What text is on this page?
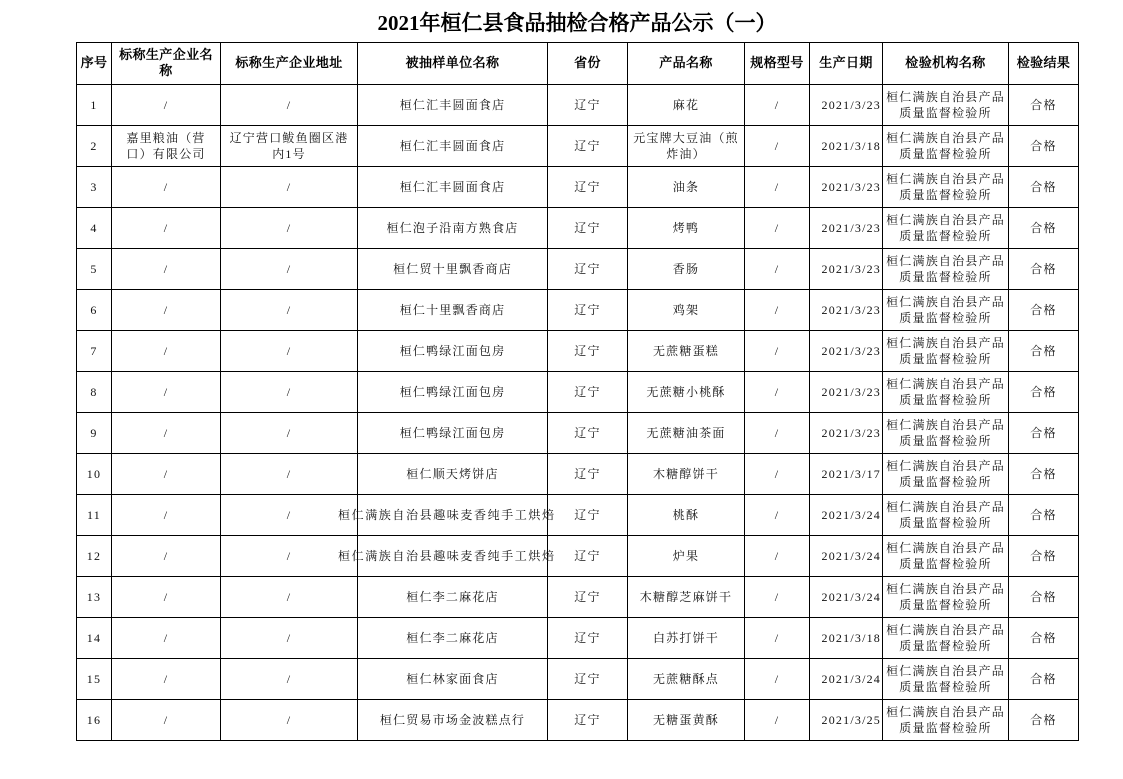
2021年桓仁县食品抽检合格产品公示（一）
序号	标称生产企业名称	标称生产企业地址	被抽样单位名称	省份	产品名称	规格型号	生产日期	检验机构名称	检验结果
1	/	/	桓仁汇丰圆面食店	辽宁	麻花	/	2021/3/23	桓仁满族自治县产品质量监督检验所	合格
2	嘉里粮油（营口）有限公司	辽宁营口鲅鱼圈区港内1号	桓仁汇丰圆面食店	辽宁	元宝牌大豆油（煎炸油）	/	2021/3/18	桓仁满族自治县产品质量监督检验所	合格
3	/	/	桓仁汇丰圆面食店	辽宁	油条	/	2021/3/23	桓仁满族自治县产品质量监督检验所	合格
4	/	/	桓仁泡子沿南方熟食店	辽宁	烤鸭	/	2021/3/23	桓仁满族自治县产品质量监督检验所	合格
5	/	/	桓仁贸十里飘香商店	辽宁	香肠	/	2021/3/23	桓仁满族自治县产品质量监督检验所	合格
6	/	/	桓仁十里飘香商店	辽宁	鸡架	/	2021/3/23	桓仁满族自治县产品质量监督检验所	合格
7	/	/	桓仁鸭绿江面包房	辽宁	无蔗糖蛋糕	/	2021/3/23	桓仁满族自治县产品质量监督检验所	合格
8	/	/	桓仁鸭绿江面包房	辽宁	无蔗糖小桃酥	/	2021/3/23	桓仁满族自治县产品质量监督检验所	合格
9	/	/	桓仁鸭绿江面包房	辽宁	无蔗糖油茶面	/	2021/3/23	桓仁满族自治县产品质量监督检验所	合格
10	/	/	桓仁顺天烤饼店	辽宁	木糖醇饼干	/	2021/3/17	桓仁满族自治县产品质量监督检验所	合格
11	/	/	桓仁满族自治县趣味麦香纯手工烘焙	辽宁	桃酥	/	2021/3/24	桓仁满族自治县产品质量监督检验所	合格
12	/	/	桓仁满族自治县趣味麦香纯手工烘焙	辽宁	炉果	/	2021/3/24	桓仁满族自治县产品质量监督检验所	合格
13	/	/	桓仁李二麻花店	辽宁	木糖醇芝麻饼干	/	2021/3/24	桓仁满族自治县产品质量监督检验所	合格
14	/	/	桓仁李二麻花店	辽宁	白苏打饼干	/	2021/3/18	桓仁满族自治县产品质量监督检验所	合格
15	/	/	桓仁林家面食店	辽宁	无蔗糖酥点	/	2021/3/24	桓仁满族自治县产品质量监督检验所	合格
16	/	/	桓仁贸易市场金波糕点行	辽宁	无糖蛋黄酥	/	2021/3/25	桓仁满族自治县产品质量监督检验所	合格
